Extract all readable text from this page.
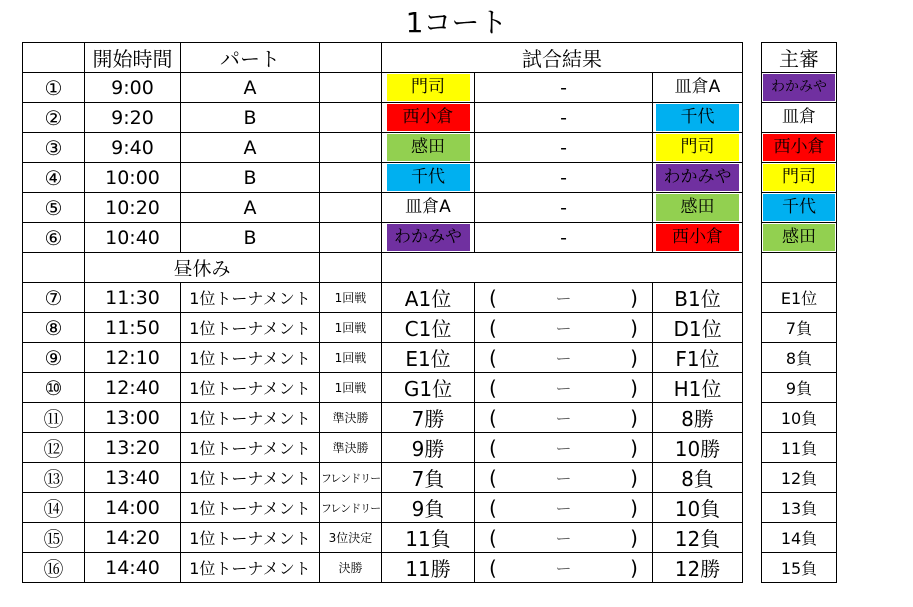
1コート
	開始時間	パート		試合結果				主審
①	9:00	A		門司	-	皿倉A		わかみや
②	9:20	B		西小倉	-	千代		皿倉
③	9:40	A		感田	-	門司		西小倉
④	10:00	B		千代	-	わかみや		門司
⑤	10:20	A		皿倉A	-	感田		千代
⑥	10:40	B		わかみや	-	西小倉		感田
	昼休み							
⑦	11:30	1位トーナメント	1回戦	A1位	( ー )	B1位		E1位
⑧	11:50	1位トーナメント	1回戦	C1位	( ー )	D1位		7負
⑨	12:10	1位トーナメント	1回戦	E1位	( ー )	F1位		8負
⑩	12:40	1位トーナメント	1回戦	G1位	( ー )	H1位		9負
⑪	13:00	1位トーナメント	準決勝	7勝	( ー )	8勝		10負
⑫	13:20	1位トーナメント	準決勝	9勝	( ー )	10勝		11負
⑬	13:40	1位トーナメント	フレンドリー	7負	( ー )	8負		12負
⑭	14:00	1位トーナメント	フレンドリー	9負	( ー )	10負		13負
⑮	14:20	1位トーナメント	3位決定	11負	( ー )	12負		14負
⑯	14:40	1位トーナメント	決勝	11勝	( ー )	12勝		15負
